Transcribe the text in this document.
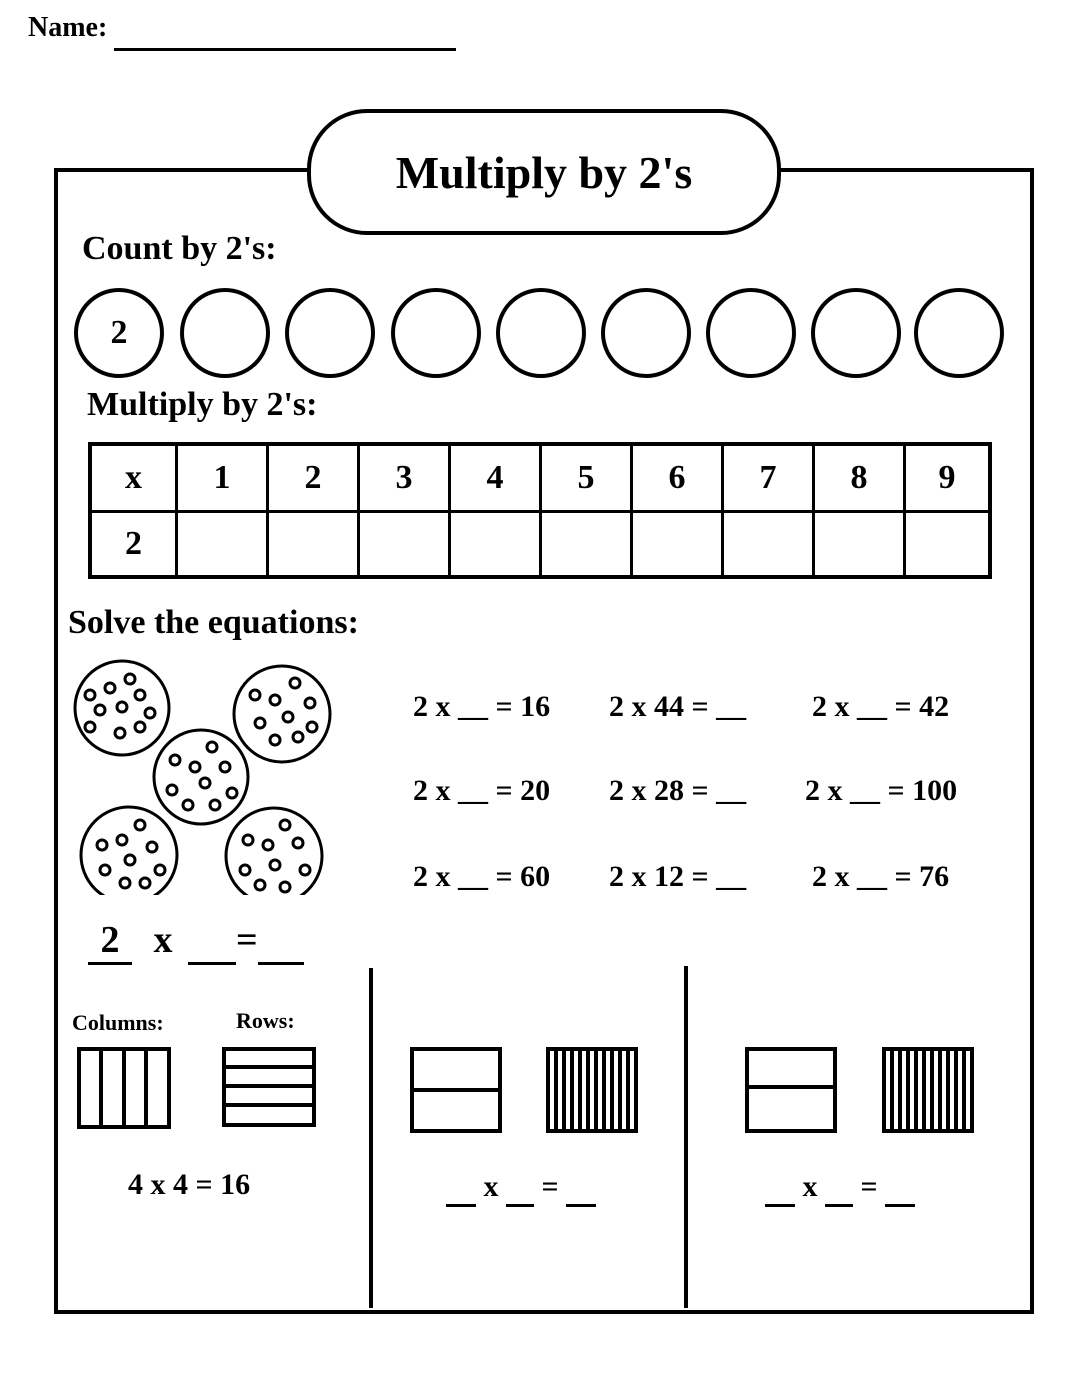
Name:
Multiply by 2's
Count by 2's:
2
Multiply by 2's:
x	1	2	3	4	5	6	7	8	9
2									
Solve the equations:
2 x =
2 x __ = 16 2 x 44 = __ 2 x __ = 42
2 x __ = 20 2 x 28 = __ 2 x __ = 100
2 x __ = 60 2 x 12 = __ 2 x __ = 76
Columns:	Rows:
4 x 4 = 16	x =	x =
